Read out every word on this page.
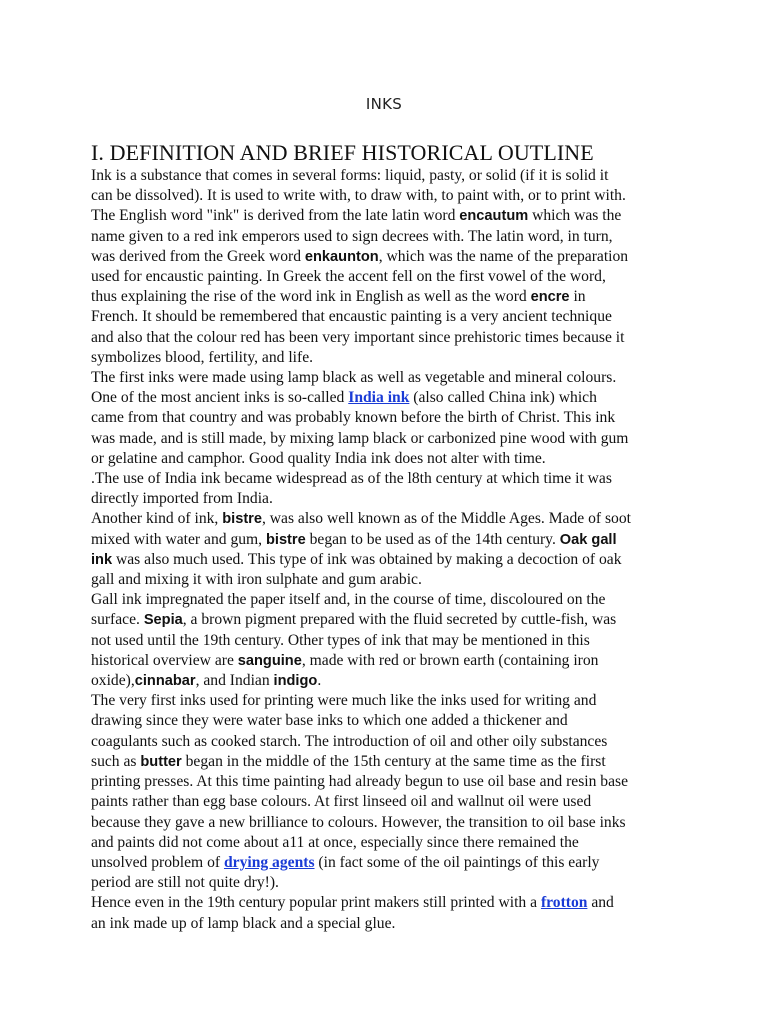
INKS
I. DEFINITION AND BRIEF HISTORICAL OUTLINE

Ink is a substance that comes in several forms: liquid, pasty, or solid (if it is solid it
can be dissolved). It is used to write with, to draw with, to paint with, or to print with.
The English word "ink" is derived from the late latin word encautum which was the
name given to a red ink emperors used to sign decrees with. The latin word, in turn,
was derived from the Greek word enkaunton, which was the name of the preparation
used for encaustic painting. In Greek the accent fell on the first vowel of the word,
thus explaining the rise of the word ink in English as well as the word encre in
French. It should be remembered that encaustic painting is a very ancient technique
and also that the colour red has been very important since prehistoric times because it
symbolizes blood, fertility, and life.

The first inks were made using lamp black as well as vegetable and mineral colours.
One of the most ancient inks is so-called India ink (also called China ink) which
came from that country and was probably known before the birth of Christ. This ink
was made, and is still made, by mixing lamp black or carbonized pine wood with gum
or gelatine and camphor. Good quality India ink does not alter with time.

.The use of India ink became widespread as of the l8th century at which time it was
directly imported from India.

Another kind of ink, bistre, was also well known as of the Middle Ages. Made of soot
mixed with water and gum, bistre began to be used as of the 14th century. Oak gall
ink was also much used. This type of ink was obtained by making a decoction of oak
gall and mixing it with iron sulphate and gum arabic.

Gall ink impregnated the paper itself and, in the course of time, discoloured on the
surface. Sepia, a brown pigment prepared with the fluid secreted by cuttle-fish, was
not used until the 19th century. Other types of ink that may be mentioned in this
historical overview are sanguine, made with red or brown earth (containing iron
oxide),cinnabar, and Indian indigo.

The very first inks used for printing were much like the inks used for writing and
drawing since they were water base inks to which one added a thickener and
coagulants such as cooked starch. The introduction of oil and other oily substances
such as butter began in the middle of the 15th century at the same time as the first
printing presses. At this time painting had already begun to use oil base and resin base
paints rather than egg base colours. At first linseed oil and wallnut oil were used
because they gave a new brilliance to colours. However, the transition to oil base inks
and paints did not come about a11 at once, especially since there remained the
unsolved problem of drying agents (in fact some of the oil paintings of this early
period are still not quite dry!).

Hence even in the 19th century popular print makers still printed with a frotton and
an ink made up of lamp black and a special glue.
